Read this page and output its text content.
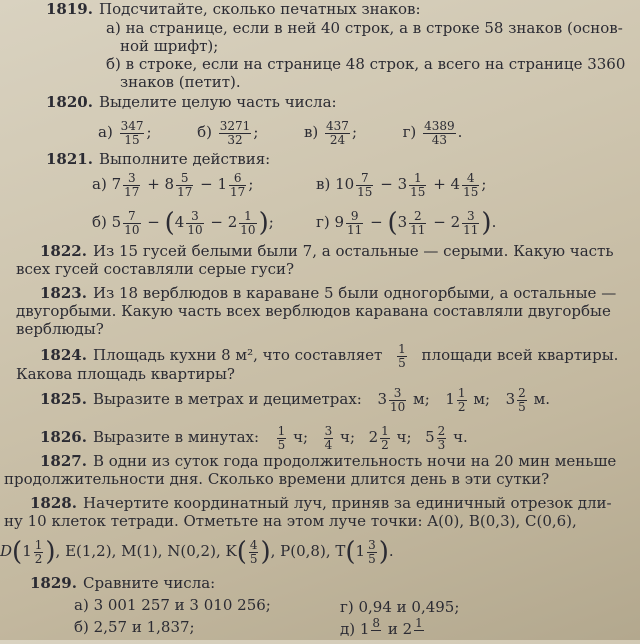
1819. Подсчитайте, сколько печатных знаков:
а) на странице, если в ней 40 строк, а в строке 58 знаков (основ-
ной шрифт);
б) в строке, если на странице 48 строк, а всего на странице 3360
знаков (петит).
1820. Выделите целую часть числа:
$а) \frac{347}{15}$ ;	$б) \frac{3271}{32}$ ;	$в) \frac{437}{24}$ ;	$г) \frac{4389}{43}$ .
1821. Выполните действия:
а) $7 \frac{3}{17} + 8 \frac{5}{17} - 1 \frac{6}{17}$ ;	в) $10 \frac{7}{15} - 3 \frac{1}{15} + 4 \frac{4}{15}$ ;
б) $5 \frac{7}{10} - (4 \frac{3}{10} - 2 \frac{1}{10}$ );	г) $9 \frac{9}{11} - (3 \frac{2}{11} - 2 \frac{3}{11}$ ).
1822. Из 15 гусей белыми были 7, а остальные — серыми. Какую часть
всех гусей составляли серые гуси?
1823. Из 18 верблюдов в караване 5 были одногорбыми, а остальные —
двугорбыми. Какую часть всех верблюдов каравана составляли двугорбые
верблюды?
1824. Площадь кухни 8 м², что составляет $\frac{1}{5}$ площади всей квартиры.
Какова площадь квартиры?
1825. Выразите в метрах и дециметрах: $3 \frac{3}{10} м$; $1 \frac{1}{2} м$; $3 \frac{2}{5} м$.
1826. Выразите в минутах: $\frac{1}{5} ч$; $\frac{3}{4} ч$; $2 \frac{1}{2} ч$; $5 \frac{2}{3} ч$.
1827. В одни из суток года продолжительность ночи на 20 мин меньше
продолжительности дня. Сколько времени длится день в эти сутки?
1828. Начертите координатный луч, приняв за единичный отрезок дли-
ну 10 клеток тетради. Отметьте на этом луче точки: A(0), B(0,3), C(0,6),
$D(1 \frac{1}{2}$ ), E(1,2), M(1), N(0,2), $K( \frac{4}{5}$ ), P(0,8), $T(1 \frac{3}{5}$ ).
1829. Сравните числа:
а) 3 001 257 и 3 010 256;	г) 0,94 и 0,495;
б) 2,57 и 1,837;	д) 1 8
и 2 1
